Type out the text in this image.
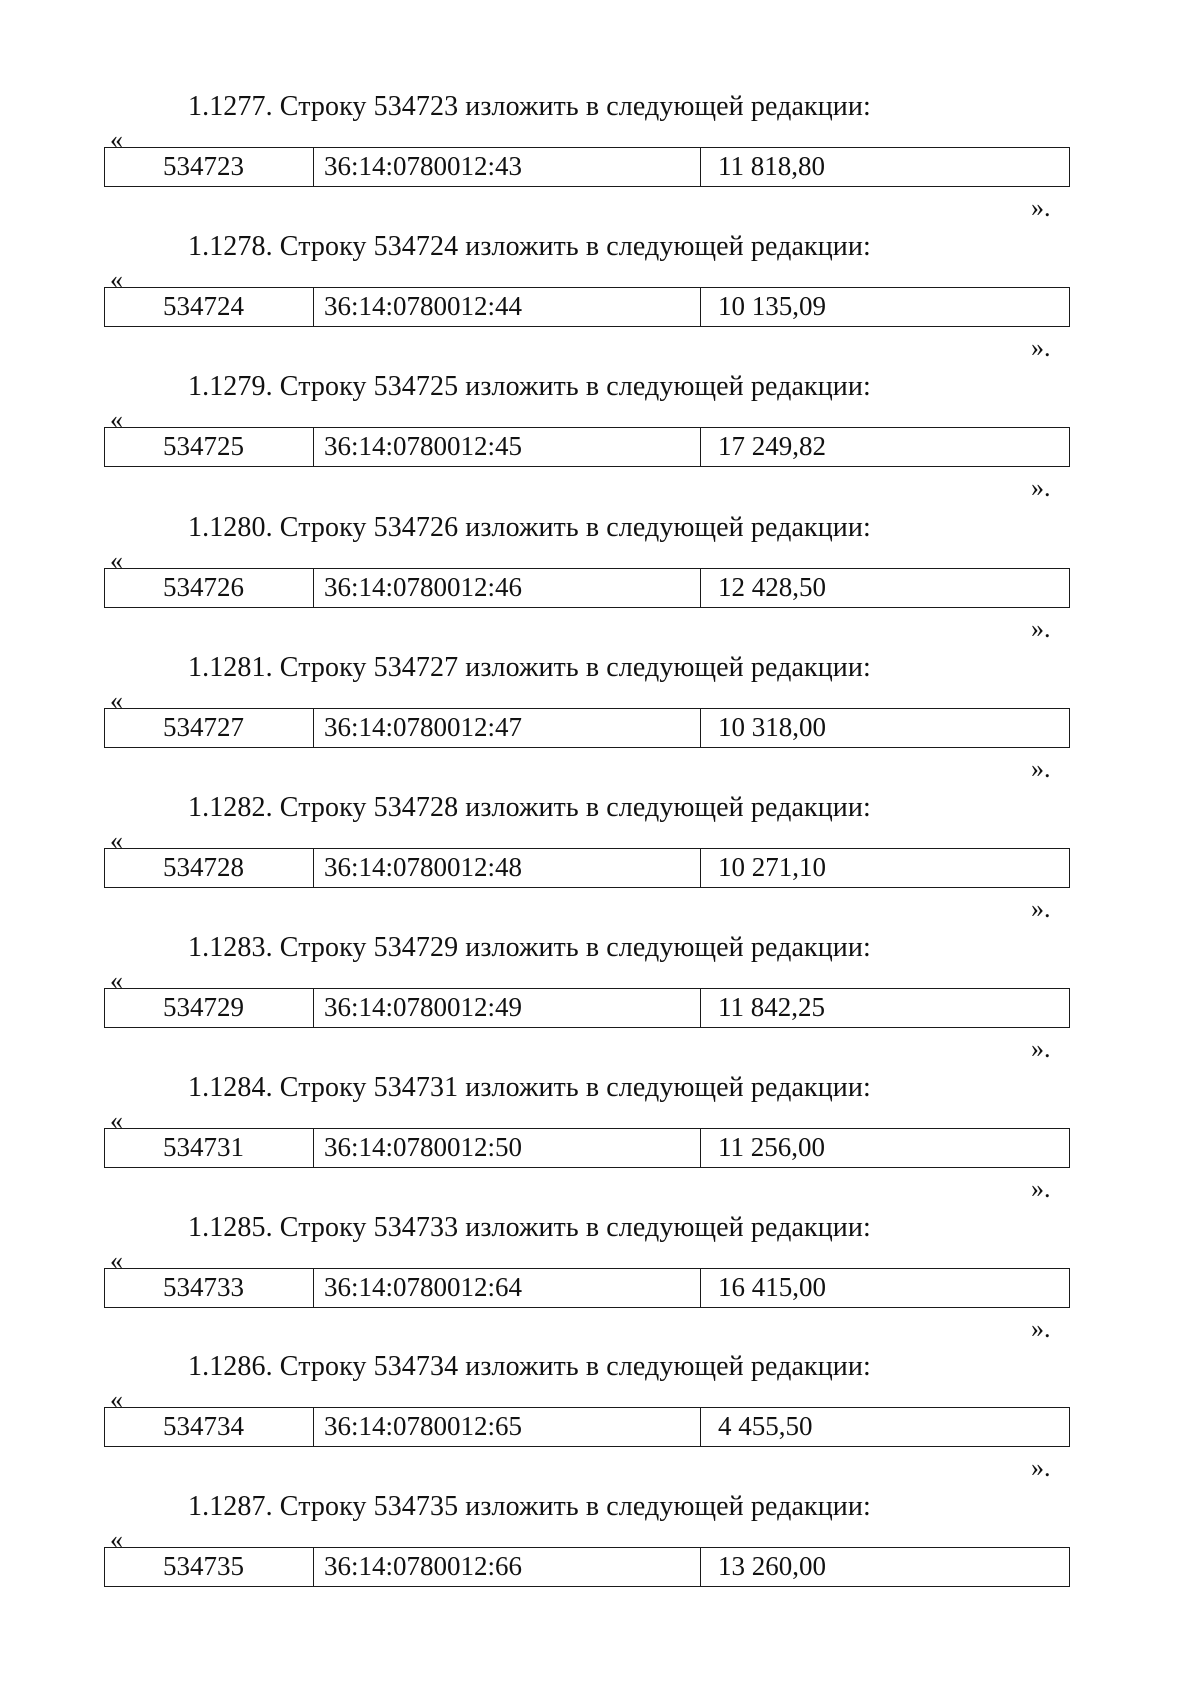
1.1277. Строку 534723 изложить в следующей редакции:
«
534723	36:14:0780012:43	11 818,80
».
1.1278. Строку 534724 изложить в следующей редакции:
«
534724	36:14:0780012:44	10 135,09
».
1.1279. Строку 534725 изложить в следующей редакции:
«
534725	36:14:0780012:45	17 249,82
».
1.1280. Строку 534726 изложить в следующей редакции:
«
534726	36:14:0780012:46	12 428,50
».
1.1281. Строку 534727 изложить в следующей редакции:
«
534727	36:14:0780012:47	10 318,00
».
1.1282. Строку 534728 изложить в следующей редакции:
«
534728	36:14:0780012:48	10 271,10
».
1.1283. Строку 534729 изложить в следующей редакции:
«
534729	36:14:0780012:49	11 842,25
».
1.1284. Строку 534731 изложить в следующей редакции:
«
534731	36:14:0780012:50	11 256,00
».
1.1285. Строку 534733 изложить в следующей редакции:
«
534733	36:14:0780012:64	16 415,00
».
1.1286. Строку 534734 изложить в следующей редакции:
«
534734	36:14:0780012:65	4 455,50
».
1.1287. Строку 534735 изложить в следующей редакции:
«
534735	36:14:0780012:66	13 260,00
